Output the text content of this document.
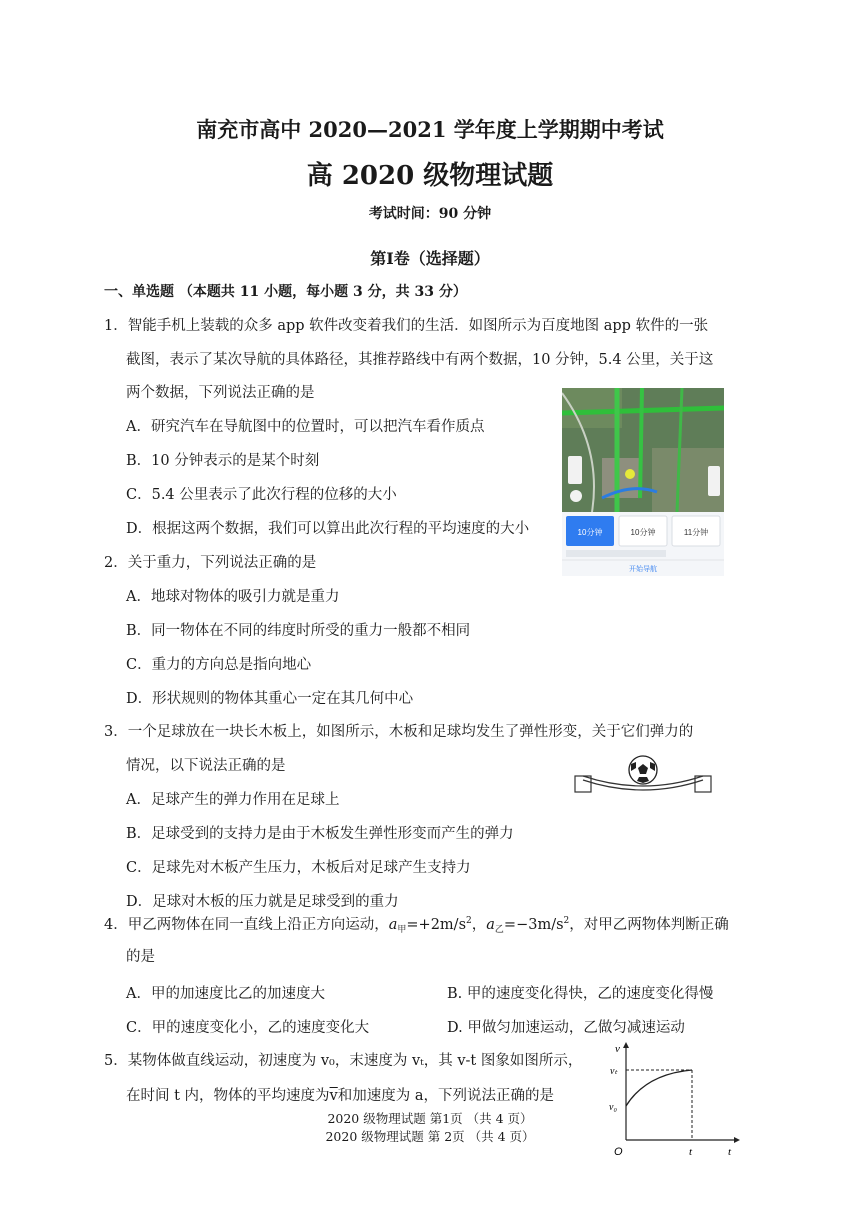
南充市高中 2020—2021 学年度上学期期中考试
高 2020 级物理试题
考试时间：90 分钟
第Ⅰ卷（选择题）
一、单选题 （本题共 11 小题，每小题 3 分，共 33 分）
1．智能手机上装载的众多 app 软件改变着我们的生活．如图所示为百度地图 app 软件的一张
截图，表示了某次导航的具体路径，其推荐路线中有两个数据，10 分钟，5.4 公里，关于这
两个数据，下列说法正确的是
A．研究汽车在导航图中的位置时，可以把汽车看作质点
B．10 分钟表示的是某个时刻
C．5.4 公里表示了此次行程的位移的大小
D．根据这两个数据，我们可以算出此次行程的平均速度的大小	10分钟	10分钟	11分钟
开始导航
2．关于重力，下列说法正确的是
A．地球对物体的吸引力就是重力
B．同一物体在不同的纬度时所受的重力一般都不相同
C．重力的方向总是指向地心
D．形状规则的物体其重心一定在其几何中心
3．一个足球放在一块长木板上，如图所示，木板和足球均发生了弹性形变，关于它们弹力的
情况，以下说法正确的是
A．足球产生的弹力作用在足球上
B．足球受到的支持力是由于木板发生弹性形变而产生的弹力
C．足球先对木板产生压力，木板后对足球产生支持力
D．足球对木板的压力就是足球受到的重力
4．甲乙两物体在同一直线上沿正方向运动，$a_甲=+2m/s^2$，$a_乙=-3m/s^2$，对甲乙两物体判断正确
的是
A．甲的加速度比乙的加速度大	B. 甲的速度变化得快，乙的速度变化得慢
C．甲的速度变化小，乙的速度变化大	D. 甲做匀加速运动，乙做匀减速运动
5．某物体做直线运动，初速度为 v₀，末速度为 vₜ，其 v-t 图象如图所示，
在时间 t 内，物体的平均速度为$\overline{v}$和加速度为 a，下列说法正确的是
v
vₜ
v₀
O	t	t
2020 级物理试题 第1页 （共 4 页）
2020 级物理试题 第 2页 （共 4 页）
